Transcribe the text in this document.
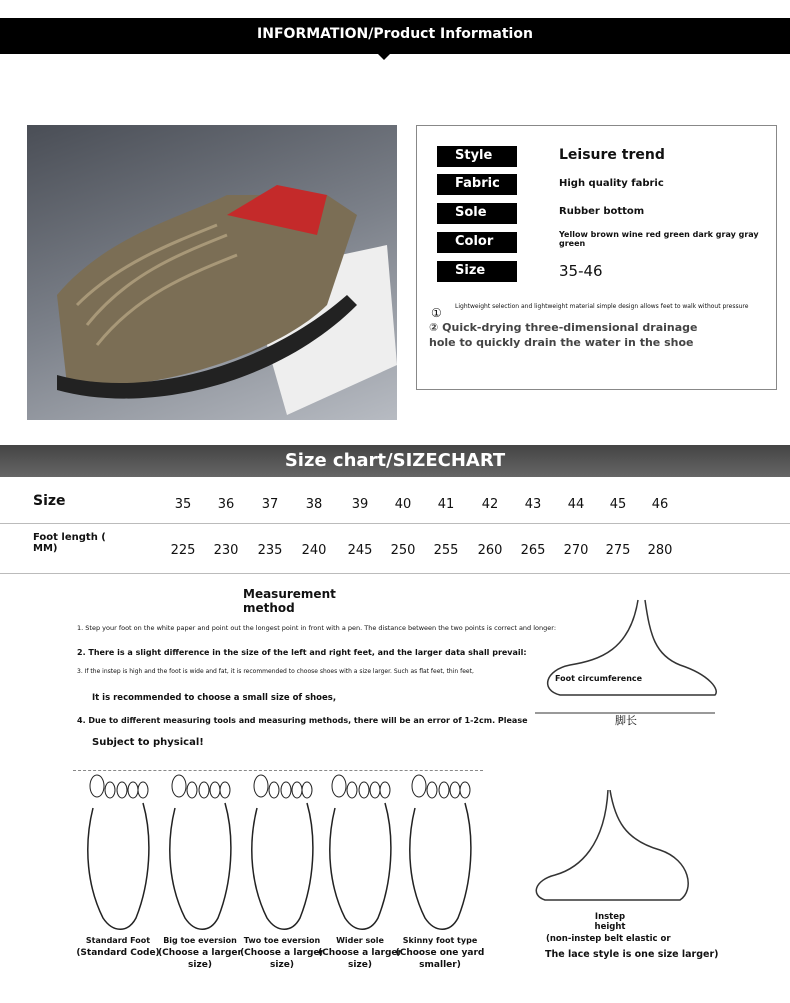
INFORMATION/Product Information
Style	Leisure trend
Fabric	High quality fabric
Sole	Rubber bottom
Color	Yellow brown wine red green dark gray gray green
Size	35-46
① Lightweight selection and lightweight material simple design allows feet to walk without pressure
② Quick-drying three-dimensional drainage hole to quickly drain the water in the shoe
Size chart/SIZECHART
Size	35	36	37	38	39	40	41	42	43	44	45	46
Foot length ( MM)	225	230	235	240	245	250	255	260	265	270	275	280
Measurement method
1. Step your foot on the white paper and point out the longest point in front with a pen. The distance between the two points is correct and longer:
2. There is a slight difference in the size of the left and right feet, and the larger data shall prevail:
3. If the instep is high and the foot is wide and fat, it is recommended to choose shoes with a size larger. Such as flat feet, thin feet,
It is recommended to choose a small size of shoes,
4. Due to different measuring tools and measuring methods, there will be an error of 1-2cm. Please
Subject to physical!
Foot circumference
脚长
Instep height
(non-instep belt elastic or
The lace style is one size larger)
Standard Foot
(Standard Code)
Big toe eversion
(Choose a larger size)
Two toe eversion
(Choose a larger size)
Wider sole
(Choose a larger size)
Skinny foot type
(Choose one yard smaller)
